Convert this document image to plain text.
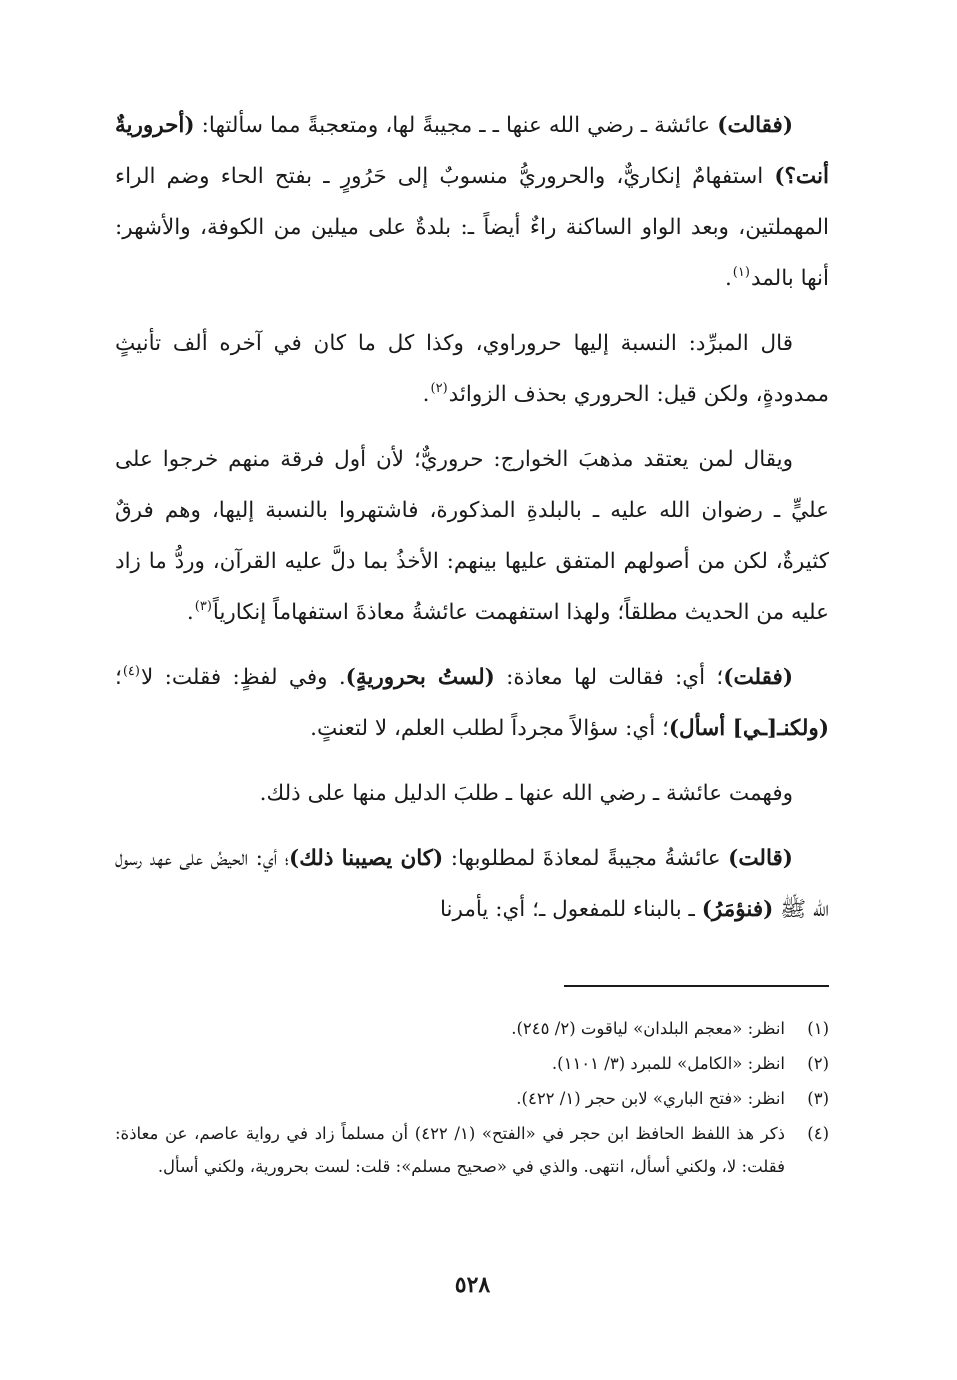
(فقالت) عائشة ـ رضي الله عنها ـ ـ مجيبةً لها، ومتعجبةً مما سألتها: (أحروريةٌ أنت؟) استفهامٌ إنكاريٌّ، والحروريُّ منسوبٌ إلى حَرُورٍ ـ بفتح الحاء وضم الراء المهملتين، وبعد الواو الساكنة راءٌ أيضاً ـ: بلدةٌ على ميلين من الكوفة، والأشهر: أنها بالمد$^{(١)}$.

قال المبرِّد: النسبة إليها حروراوي، وكذا كل ما كان في آخره ألف تأنيثٍ ممدودةٍ، ولكن قيل: الحروري بحذف الزوائد$^{(٢)}$.

ويقال لمن يعتقد مذهبَ الخوارج: حروريٌّ؛ لأن أول فرقة منهم خرجوا على عليٍّ ـ رضوان الله عليه ـ بالبلدةِ المذكورة، فاشتهروا بالنسبة إليها، وهم فرقٌ كثيرةٌ، لكن من أصولهم المتفق عليها بينهم: الأخذُ بما دلَّ عليه القرآن، وردُّ ما زاد عليه من الحديث مطلقاً؛ ولهذا استفهمت عائشةُ معاذةَ استفهاماً إنكارياً$^{(٣)}$.

(فقلت)؛ أي: فقالت لها معاذة: (لستُ بحروريةٍ). وفي لفظٍ: فقلت: لا$^{(٤)}$؛ (ولكنـ[ـي] أسأل)؛ أي: سؤالاً مجرداً لطلب العلم، لا لتعنتٍ.

وفهمت عائشة ـ رضي الله عنها ـ طلبَ الدليل منها على ذلك.

(قالت) عائشةُ مجيبةً لمعاذةَ لمطلوبها: (كان يصيبنا ذلك)؛ أي: الحيضُ على عهد رسول الله ﷺ (فنؤمَرُ) ـ بالبناء للمفعول ـ؛ أي: يأمرنا

(١)
انظر: «معجم البلدان» لياقوت (٢/ ٢٤٥).
(٢)
انظر: «الكامل» للمبرد (٣/ ١١٠١).
(٣)
انظر: «فتح الباري» لابن حجر (١/ ٤٢٢).
(٤)
ذكر هذ اللفظ الحافظ ابن حجر في «الفتح» (١/ ٤٢٢) أن مسلماً زاد في رواية عاصم، عن معاذة: فقلت: لا، ولكني أسأل، انتهى. والذي في «صحيح مسلم»: قلت: لست بحرورية، ولكني أسأل.
٥٢٨
